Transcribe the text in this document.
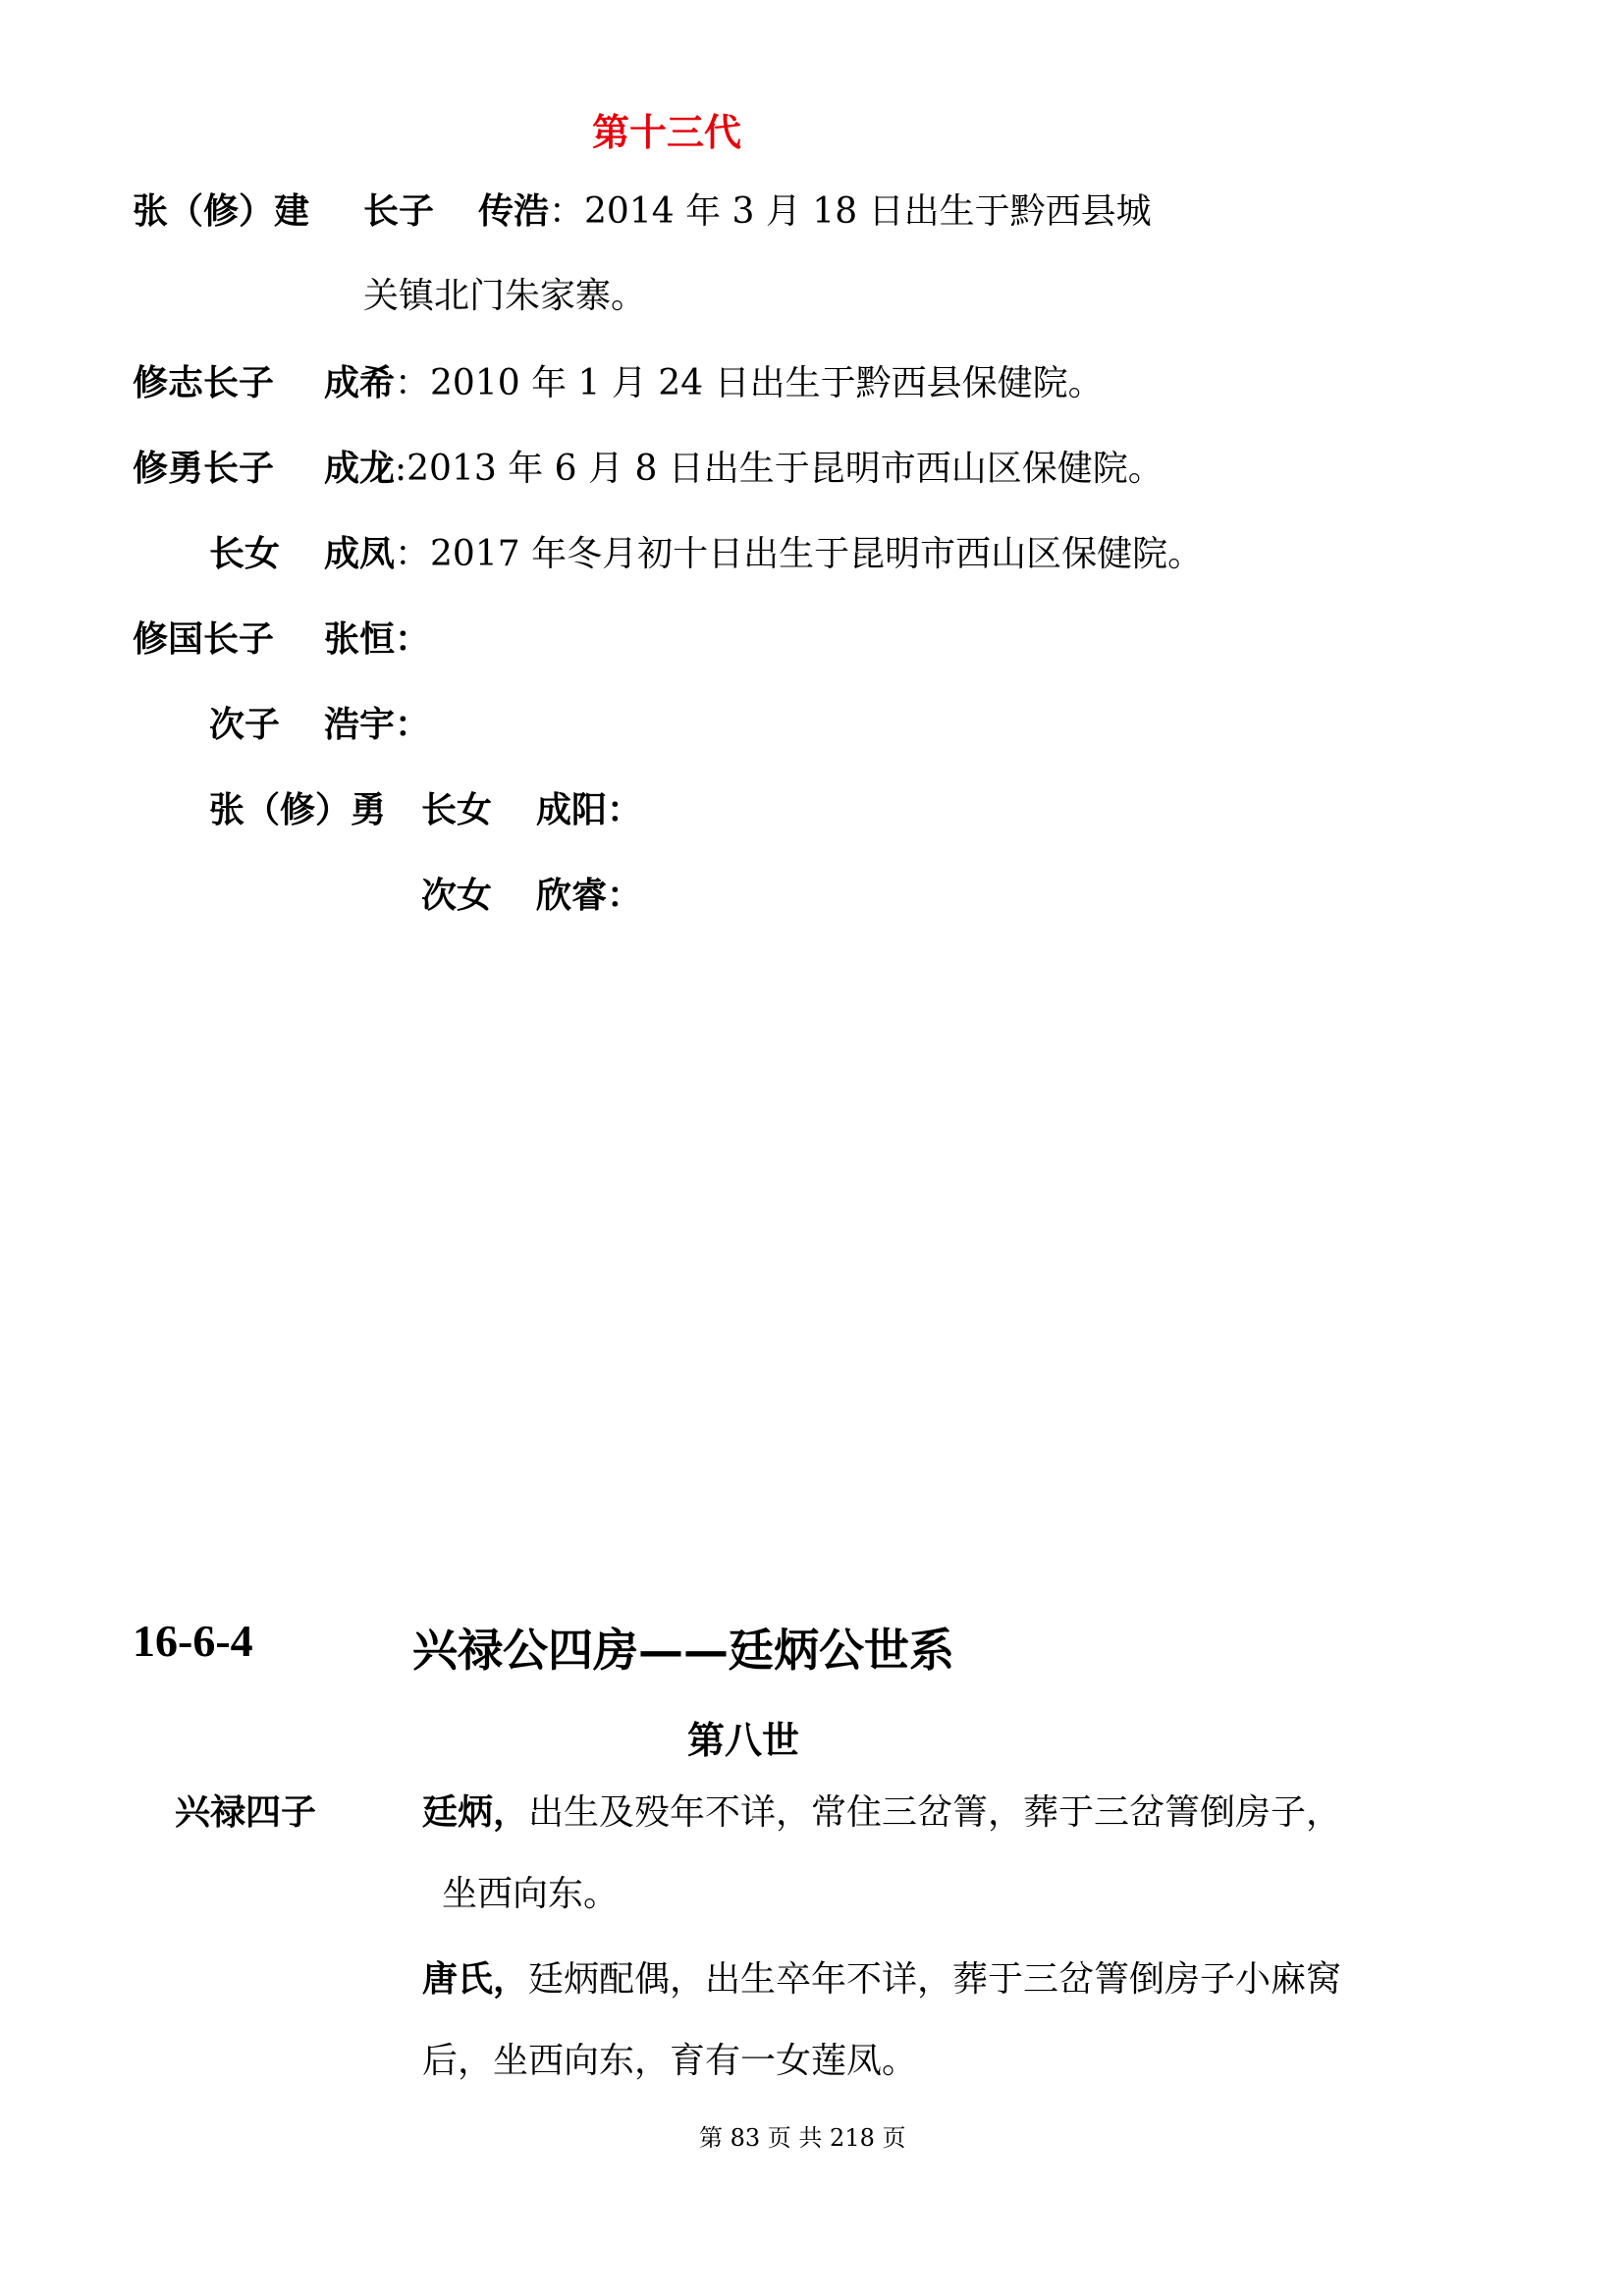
第十三代
张（修）建 长子 传浩：2014 年 3 月 18 日出生于黔西县城
关镇北门朱家寨。
修志长子 成希：2010 年 1 月 24 日出生于黔西县保健院。
修勇长子 成龙:2013 年 6 月 8 日出生于昆明市西山区保健院。
长女 成凤：2017 年冬月初十日出生于昆明市西山区保健院。
修国长子 张恒：
次子 浩宇：
张（修）勇 长女 成阳：
次女 欣睿：
16-6-4	兴禄公四房——廷炳公世系
第八世
兴禄四子	廷炳，出生及殁年不详，常住三岔箐，葬于三岔箐倒房子，
坐西向东。
唐氏，廷炳配偶，出生卒年不详，葬于三岔箐倒房子小麻窝
后，坐西向东，育有一女莲凤。
第 83 页 共 218 页
